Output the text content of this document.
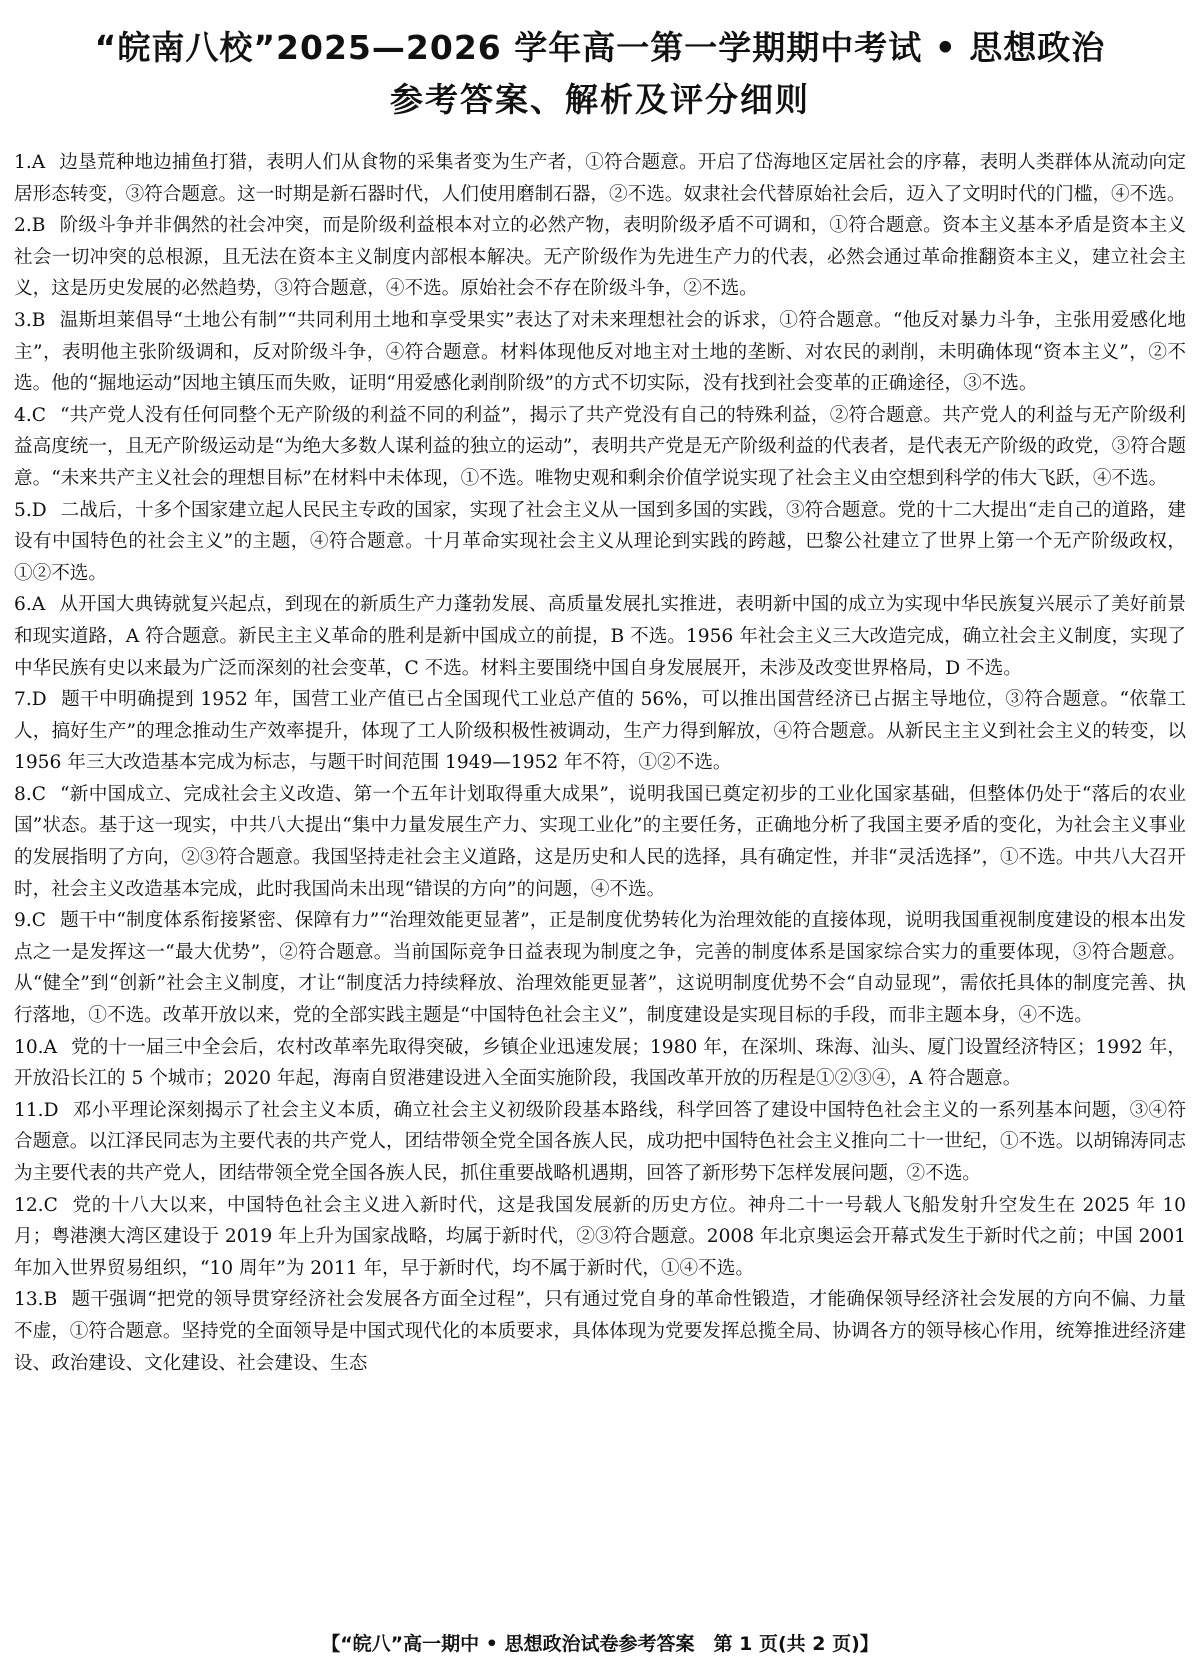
“皖南八校”2025—2026 学年高一第一学期期中考试 • 思想政治
参考答案、解析及评分细则

1.A 边垦荒种地边捕鱼打猎，表明人们从食物的采集者变为生产者，①符合题意。开启了岱海地区定居社会的序幕，表明人类群体从流动向定居形态转变，③符合题意。这一时期是新石器时代，人们使用磨制石器，②不选。奴隶社会代替原始社会后，迈入了文明时代的门槛，④不选。

2.B 阶级斗争并非偶然的社会冲突，而是阶级利益根本对立的必然产物，表明阶级矛盾不可调和，①符合题意。资本主义基本矛盾是资本主义社会一切冲突的总根源，且无法在资本主义制度内部根本解决。无产阶级作为先进生产力的代表，必然会通过革命推翻资本主义，建立社会主义，这是历史发展的必然趋势，③符合题意，④不选。原始社会不存在阶级斗争，②不选。

3.B 温斯坦莱倡导“土地公有制”“共同利用土地和享受果实”表达了对未来理想社会的诉求，①符合题意。“他反对暴力斗争，主张用爱感化地主”，表明他主张阶级调和，反对阶级斗争，④符合题意。材料体现他反对地主对土地的垄断、对农民的剥削，未明确体现“资本主义”，②不选。他的“掘地运动”因地主镇压而失败，证明“用爱感化剥削阶级”的方式不切实际，没有找到社会变革的正确途径，③不选。

4.C “共产党人没有任何同整个无产阶级的利益不同的利益”，揭示了共产党没有自己的特殊利益，②符合题意。共产党人的利益与无产阶级利益高度统一，且无产阶级运动是“为绝大多数人谋利益的独立的运动”，表明共产党是无产阶级利益的代表者，是代表无产阶级的政党，③符合题意。“未来共产主义社会的理想目标”在材料中未体现，①不选。唯物史观和剩余价值学说实现了社会主义由空想到科学的伟大飞跃，④不选。

5.D 二战后，十多个国家建立起人民民主专政的国家，实现了社会主义从一国到多国的实践，③符合题意。党的十二大提出“走自己的道路，建设有中国特色的社会主义”的主题，④符合题意。十月革命实现社会主义从理论到实践的跨越，巴黎公社建立了世界上第一个无产阶级政权，①②不选。

6.A 从开国大典铸就复兴起点，到现在的新质生产力蓬勃发展、高质量发展扎实推进，表明新中国的成立为实现中华民族复兴展示了美好前景和现实道路，A 符合题意。新民主主义革命的胜利是新中国成立的前提，B 不选。1956 年社会主义三大改造完成，确立社会主义制度，实现了中华民族有史以来最为广泛而深刻的社会变革，C 不选。材料主要围绕中国自身发展展开，未涉及改变世界格局，D 不选。

7.D 题干中明确提到 1952 年，国营工业产值已占全国现代工业总产值的 56%，可以推出国营经济已占据主导地位，③符合题意。“依靠工人，搞好生产”的理念推动生产效率提升，体现了工人阶级积极性被调动，生产力得到解放，④符合题意。从新民主主义到社会主义的转变，以 1956 年三大改造基本完成为标志，与题干时间范围 1949—1952 年不符，①②不选。

8.C “新中国成立、完成社会主义改造、第一个五年计划取得重大成果”，说明我国已奠定初步的工业化国家基础，但整体仍处于“落后的农业国”状态。基于这一现实，中共八大提出“集中力量发展生产力、实现工业化”的主要任务，正确地分析了我国主要矛盾的变化，为社会主义事业的发展指明了方向，②③符合题意。我国坚持走社会主义道路，这是历史和人民的选择，具有确定性，并非“灵活选择”，①不选。中共八大召开时，社会主义改造基本完成，此时我国尚未出现“错误的方向”的问题，④不选。

9.C 题干中“制度体系衔接紧密、保障有力”“治理效能更显著”，正是制度优势转化为治理效能的直接体现，说明我国重视制度建设的根本出发点之一是发挥这一“最大优势”，②符合题意。当前国际竞争日益表现为制度之争，完善的制度体系是国家综合实力的重要体现，③符合题意。从“健全”到“创新”社会主义制度，才让“制度活力持续释放、治理效能更显著”，这说明制度优势不会“自动显现”，需依托具体的制度完善、执行落地，①不选。改革开放以来，党的全部实践主题是“中国特色社会主义”，制度建设是实现目标的手段，而非主题本身，④不选。

10.A 党的十一届三中全会后，农村改革率先取得突破，乡镇企业迅速发展；1980 年，在深圳、珠海、汕头、厦门设置经济特区；1992 年，开放沿长江的 5 个城市；2020 年起，海南自贸港建设进入全面实施阶段，我国改革开放的历程是①②③④，A 符合题意。

11.D 邓小平理论深刻揭示了社会主义本质，确立社会主义初级阶段基本路线，科学回答了建设中国特色社会主义的一系列基本问题，③④符合题意。以江泽民同志为主要代表的共产党人，团结带领全党全国各族人民，成功把中国特色社会主义推向二十一世纪，①不选。以胡锦涛同志为主要代表的共产党人，团结带领全党全国各族人民，抓住重要战略机遇期，回答了新形势下怎样发展问题，②不选。

12.C 党的十八大以来，中国特色社会主义进入新时代，这是我国发展新的历史方位。神舟二十一号载人飞船发射升空发生在 2025 年 10 月；粤港澳大湾区建设于 2019 年上升为国家战略，均属于新时代，②③符合题意。2008 年北京奥运会开幕式发生于新时代之前；中国 2001 年加入世界贸易组织，“10 周年”为 2011 年，早于新时代，均不属于新时代，①④不选。

13.B 题干强调“把党的领导贯穿经济社会发展各方面全过程”，只有通过党自身的革命性锻造，才能确保领导经济社会发展的方向不偏、力量不虚，①符合题意。坚持党的全面领导是中国式现代化的本质要求，具体体现为党要发挥总揽全局、协调各方的领导核心作用，统筹推进经济建设、政治建设、文化建设、社会建设、生态

【“皖八”高一期中 • 思想政治试卷参考答案　第 1 页(共 2 页)】
